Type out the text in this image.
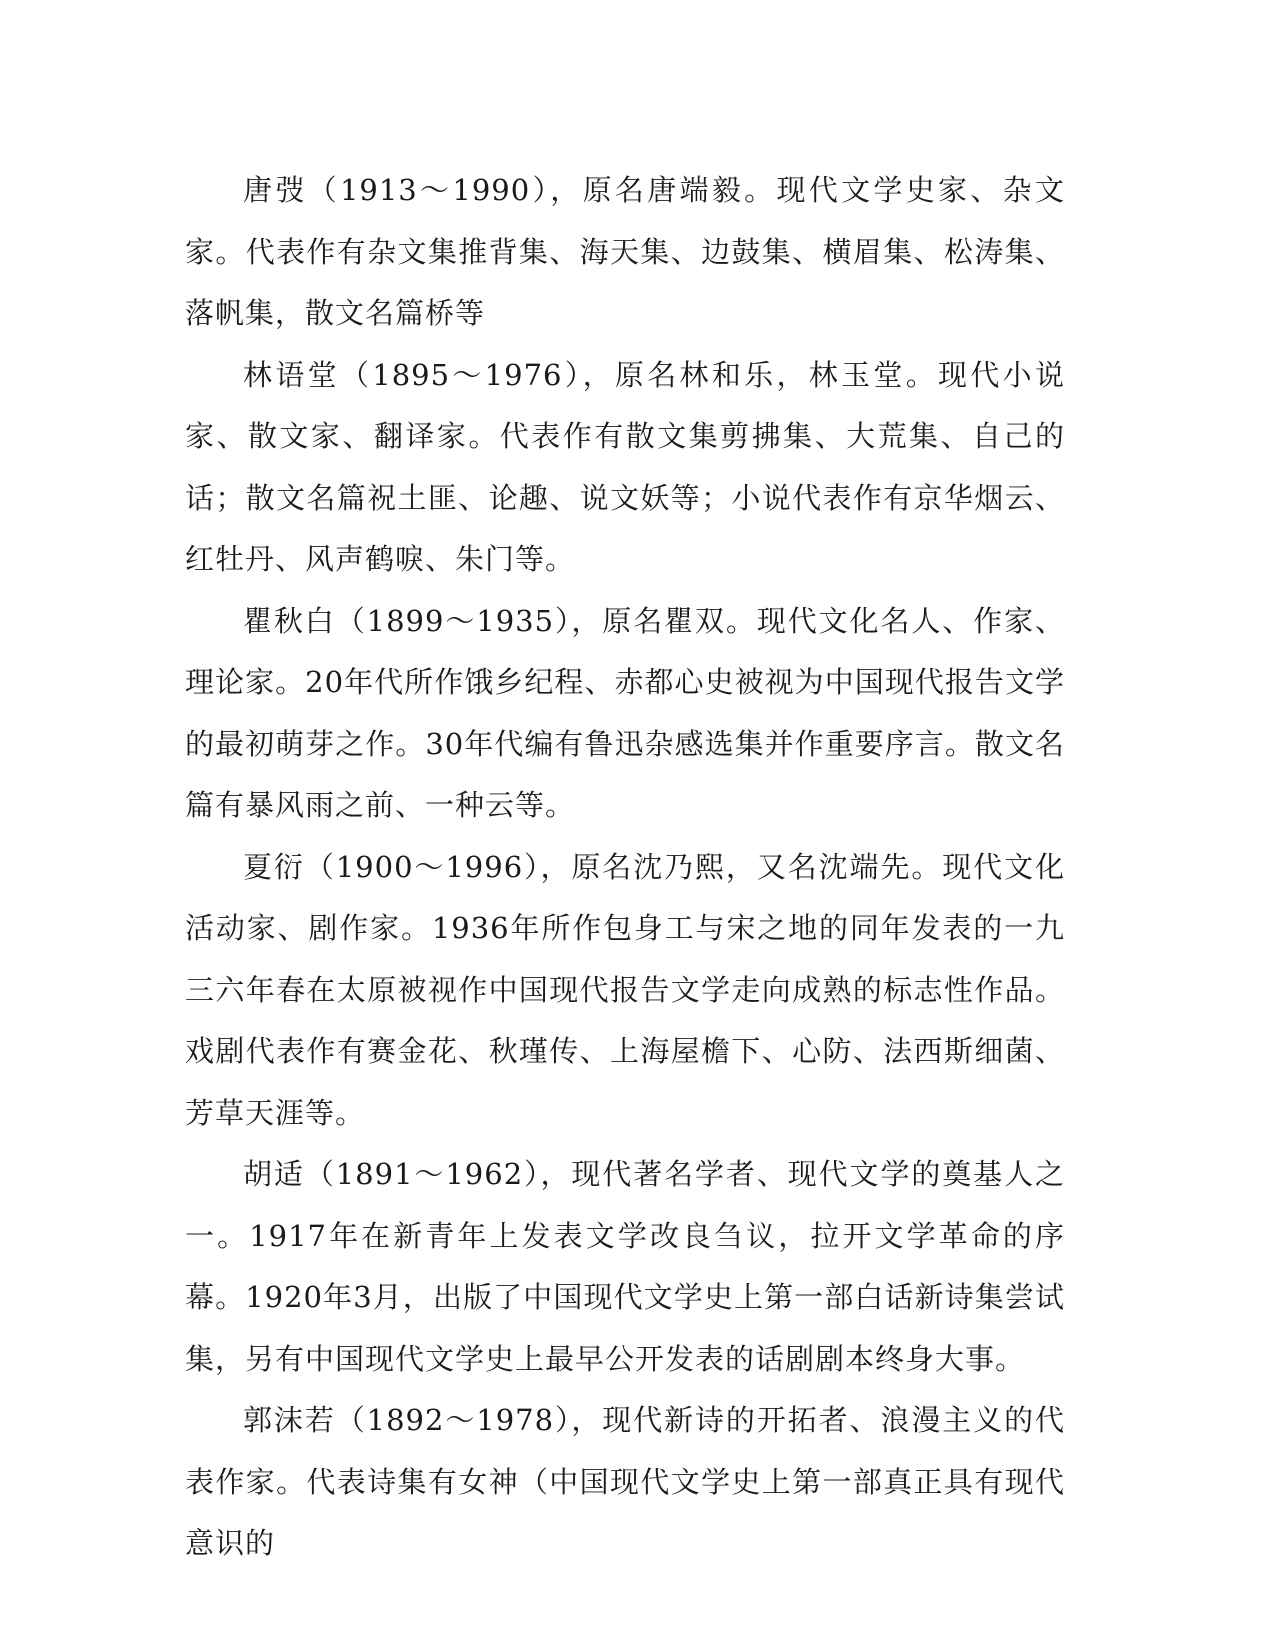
唐弢（1913～1990），原名唐端毅。现代文学史家、杂文家。代表作有杂文集推背集、海天集、边鼓集、横眉集、松涛集、落帆集，散文名篇桥等

林语堂（1895～1976），原名林和乐，林玉堂。现代小说家、散文家、翻译家。代表作有散文集剪拂集、大荒集、自己的话；散文名篇祝土匪、论趣、说文妖等；小说代表作有京华烟云、红牡丹、风声鹤唳、朱门等。

瞿秋白（1899～1935），原名瞿双。现代文化名人、作家、理论家。20年代所作饿乡纪程、赤都心史被视为中国现代报告文学的最初萌芽之作。30年代编有鲁迅杂感选集并作重要序言。散文名篇有暴风雨之前、一种云等。

夏衍（1900～1996），原名沈乃熙，又名沈端先。现代文化活动家、剧作家。1936年所作包身工与宋之地的同年发表的一九三六年春在太原被视作中国现代报告文学走向成熟的标志性作品。戏剧代表作有赛金花、秋瑾传、上海屋檐下、心防、法西斯细菌、芳草天涯等。

胡适（1891～1962），现代著名学者、现代文学的奠基人之一。1917年在新青年上发表文学改良刍议，拉开文学革命的序幕。1920年3月，出版了中国现代文学史上第一部白话新诗集尝试集，另有中国现代文学史上最早公开发表的话剧剧本终身大事。

郭沫若（1892～1978），现代新诗的开拓者、浪漫主义的代表作家。代表诗集有女神（中国现代文学史上第一部真正具有现代意识的
